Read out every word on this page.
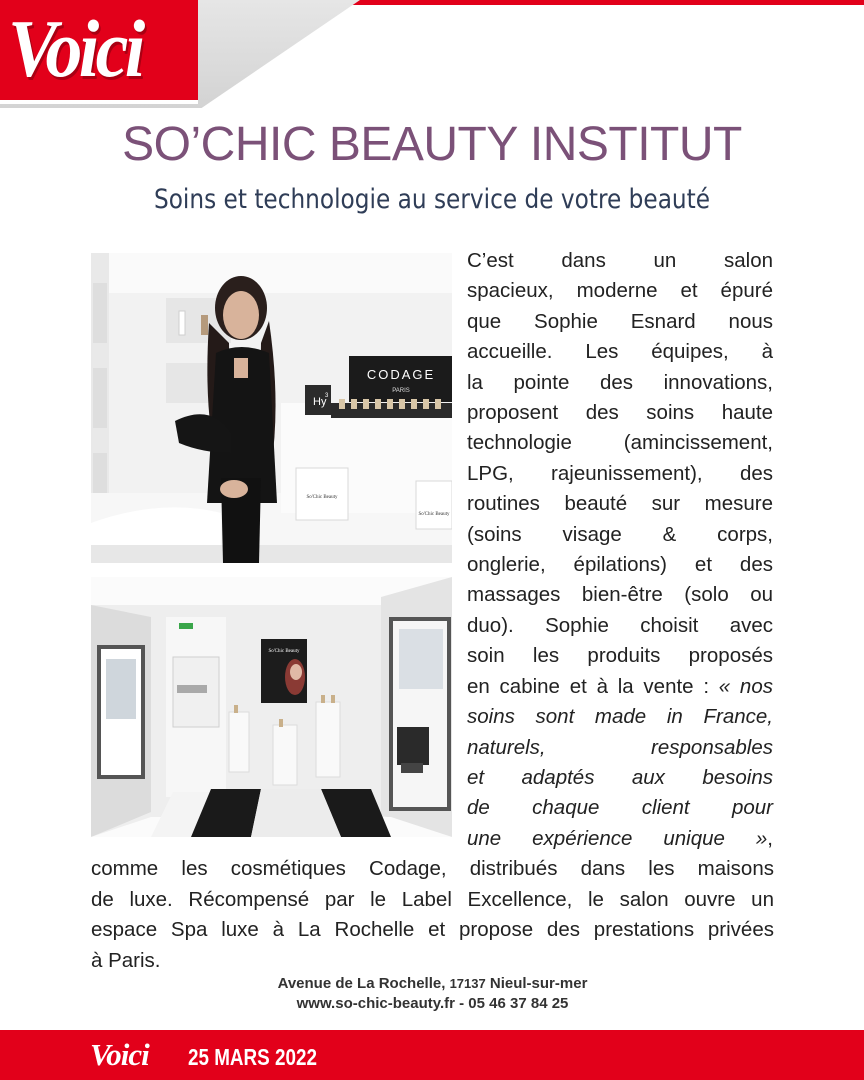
Voici
SO’CHIC BEAUTY INSTITUT
Soins et technologie au service de votre beauté
CODAGE
PARIS
Hy
3
So'Chic Beauty
So'Chic Beauty
So'Chic Beauty
C’est dans un salon
spacieux, moderne et épuré
que Sophie Esnard nous
accueille. Les équipes, à
la pointe des innovations,
proposent des soins haute
technologie (amincissement,
LPG, rajeunissement), des
routines beauté sur mesure
(soins visage & corps,
onglerie, épilations) et des
massages bien-être (solo ou
duo). Sophie choisit avec
soin les produits proposés
en cabine et à la vente : « nos
soins sont made in France,
naturels, responsables
et adaptés aux besoins
de chaque client pour
une expérience unique »,
comme les cosmétiques Codage, distribués dans les maisons
de luxe. Récompensé par le Label Excellence, le salon ouvre un
espace Spa luxe à La Rochelle et propose des prestations privées
à Paris.
Avenue de La Rochelle, 17137 Nieul-sur-mer
www.so-chic-beauty.fr - 05 46 37 84 25
Voici 25 MARS 2022
